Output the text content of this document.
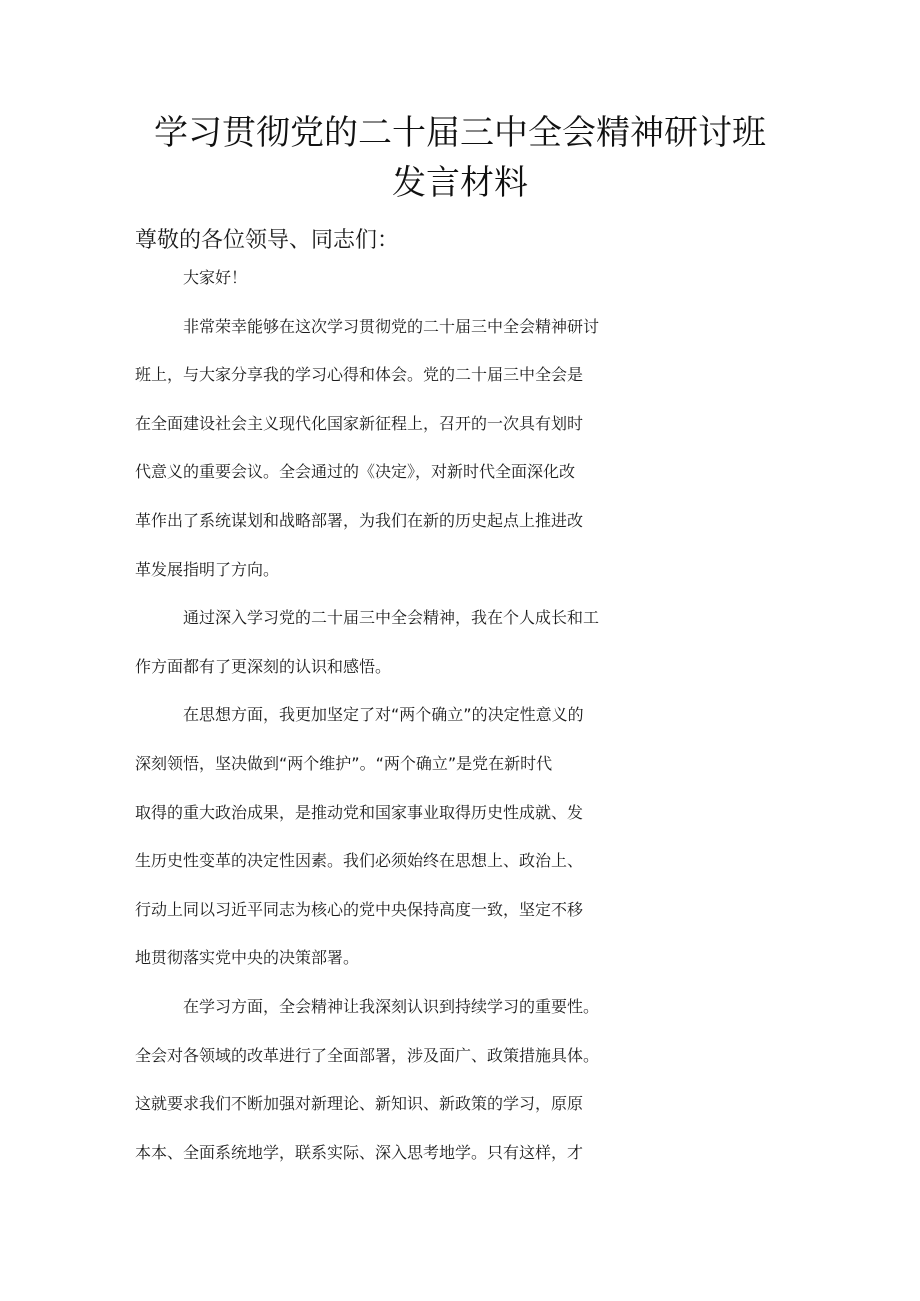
学习贯彻党的二十届三中全会精神研讨班
发言材料
尊敬的各位领导、同志们：
大家好！
非常荣幸能够在这次学习贯彻党的二十届三中全会精神研讨
班上，与大家分享我的学习心得和体会。党的二十届三中全会是
在全面建设社会主义现代化国家新征程上，召开的一次具有划时
代意义的重要会议。全会通过的《决定》，对新时代全面深化改
革作出了系统谋划和战略部署，为我们在新的历史起点上推进改
革发展指明了方向。
通过深入学习党的二十届三中全会精神，我在个人成长和工
作方面都有了更深刻的认识和感悟。
在思想方面，我更加坚定了对“两个确立”的决定性意义的
深刻领悟，坚决做到“两个维护”。“两个确立”是党在新时代
取得的重大政治成果，是推动党和国家事业取得历史性成就、发
生历史性变革的决定性因素。我们必须始终在思想上、政治上、
行动上同以习近平同志为核心的党中央保持高度一致，坚定不移
地贯彻落实党中央的决策部署。
在学习方面，全会精神让我深刻认识到持续学习的重要性。
全会对各领域的改革进行了全面部署，涉及面广、政策措施具体。
这就要求我们不断加强对新理论、新知识、新政策的学习，原原
本本、全面系统地学，联系实际、深入思考地学。只有这样，才
